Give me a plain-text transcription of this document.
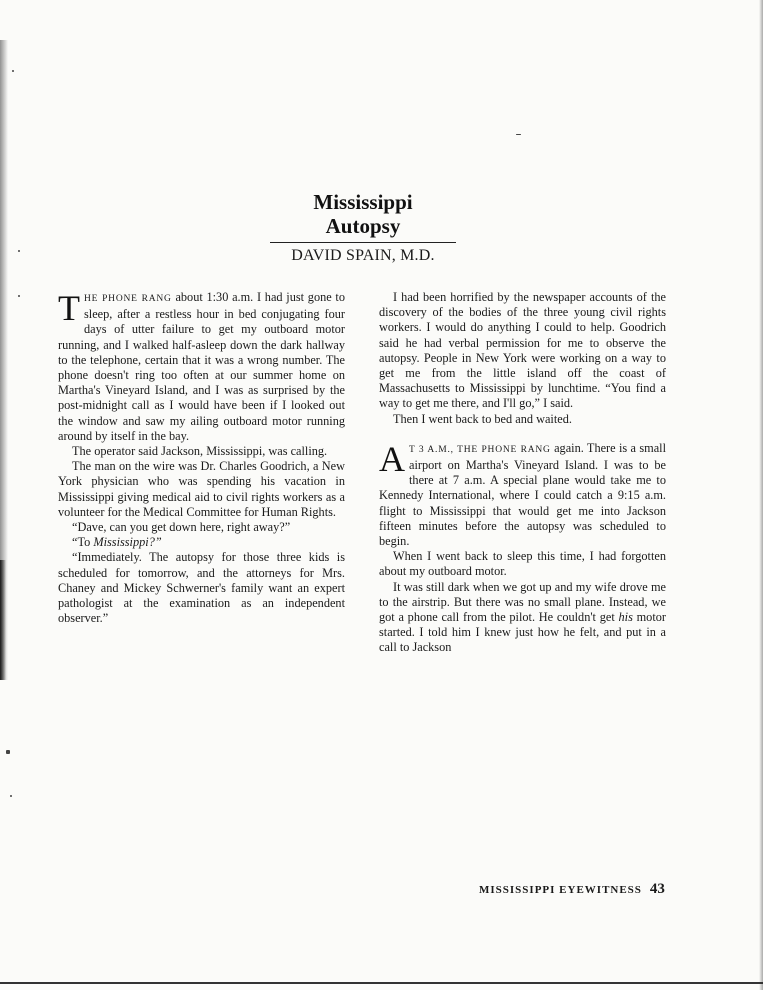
Mississippi
Autopsy
DAVID SPAIN, M.D.

THE PHONE RANG about 1:30 a.m. I had just gone to sleep, after a restless hour in bed conjugating four days of utter failure to get my outboard motor running, and I walked half-asleep down the dark hallway to the telephone, certain that it was a wrong number. The phone doesn't ring too often at our summer home on Martha's Vineyard Island, and I was as surprised by the post-midnight call as I would have been if I looked out the window and saw my ailing outboard motor running around by itself in the bay.

The operator said Jackson, Mississippi, was calling.

The man on the wire was Dr. Charles Goodrich, a New York physician who was spending his vacation in Mississippi giving medical aid to civil rights workers as a volunteer for the Medical Committee for Human Rights.

“Dave, can you get down here, right away?”

“To Mississippi?”

“Immediately. The autopsy for those three kids is scheduled for tomorrow, and the attorneys for Mrs. Chaney and Mickey Schwerner's family want an expert pathologist at the examination as an independent observer.”

I had been horrified by the newspaper accounts of the discovery of the bodies of the three young civil rights workers. I would do anything I could to help. Goodrich said he had verbal permission for me to observe the autopsy. People in New York were working on a way to get me from the little island off the coast of Massachusetts to Mississippi by lunchtime. “You find a way to get me there, and I'll go,” I said.

Then I went back to bed and waited.

AT 3 A.M., THE PHONE RANG again. There is a small airport on Martha's Vineyard Island. I was to be there at 7 a.m. A special plane would take me to Kennedy International, where I could catch a 9:15 a.m. flight to Mississippi that would get me into Jackson fifteen minutes before the autopsy was scheduled to begin.

When I went back to sleep this time, I had forgotten about my outboard motor.

It was still dark when we got up and my wife drove me to the airstrip. But there was no small plane. Instead, we got a phone call from the pilot. He couldn't get his motor started. I told him I knew just how he felt, and put in a call to Jackson

MISSISSIPPI EYEWITNESS 43
